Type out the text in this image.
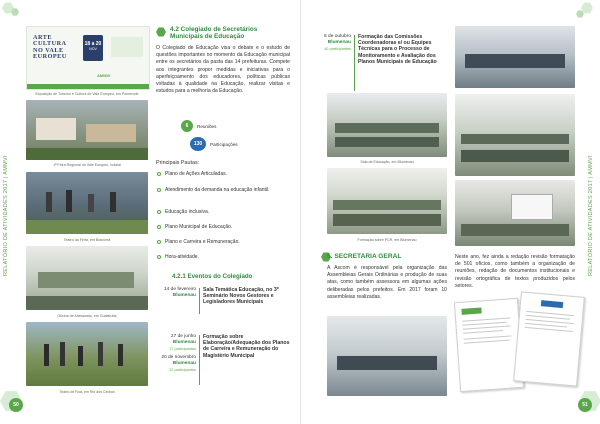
RELATÓRIO DE ATIVIDADES 2017 | AMMVI
ARTE
CULTURA
NO VALE
EUROPEU
18 a 20
NOV
AMMVI
Exposição de Turismo e Cultura do Vale Europeu, em Pomerode
1ª Feira Regional do Vale Europeu, Indaial
Teatro da Feira, em Botuverá
Oficina de Artesanato, em Guabiruba
Teatro de Rua, em Rio dos Cedros
4.2 Colegiado de Secretários Municipais de Educação
O Colegiado de Educação visa o debate e o estudo de questões importantes no momento da Educação municipal entre os secretários da pasta das 14 prefeituras. Compete aos integrantes propor medidas e iniciativas para o aperfeiçoamento dos educadores, políticas públicas voltadas à qualidade na Educação, realizar visitas e estudos para a melhoria da Educação.
6	Reuniões
130	Participações
Principais Pautas:
Plano de Ações Articuladas.
Atendimento da demanda na educação infantil.
Educação inclusiva.
Plano Municipal de Educação.
Plano e Carreira e Remuneração.
Hora-atividade.
4.2.1 Eventos do Colegiado
14 de fevereiro
Blumenau
Sala Temática Educação, no 3º Seminário Novos Gestores e Legisladores Municipais
27 de junho
Blumenau
17 participantes
20 de novembro
Blumenau
22 participantes
Formação sobre Elaboração/Adequação dos Planos de Carreira e Remuneração do Magistério Municipal
50
RELATÓRIO DE ATIVIDADES 2017 | AMMVI
6 de outubro
Blumenau
40 participantes
Formação das Comissões Coordenadoras e/ ou Equipes Técnicas para o Processo de Monitoramento e Avaliação dos Planos Municipais de Educação
Sala de Educação, em Blumenau
Formação sobre PCR, em Blumenau
5. SECRETARIA GERAL
A Ascom é responsável pela organização das Assembleias Gerais Ordinárias e produção de suas atas, como também assessora em algumas ações deliberadas pelos prefeitos. Em 2017 foram 10 assembleias realizadas.
Neste ano, fez ainda a redação revisão formatação de 501 ofícios, como também a organização de reuniões, redação de documentos institucionais e revisão ortográfica de textos produzidos pelos setores.
51
